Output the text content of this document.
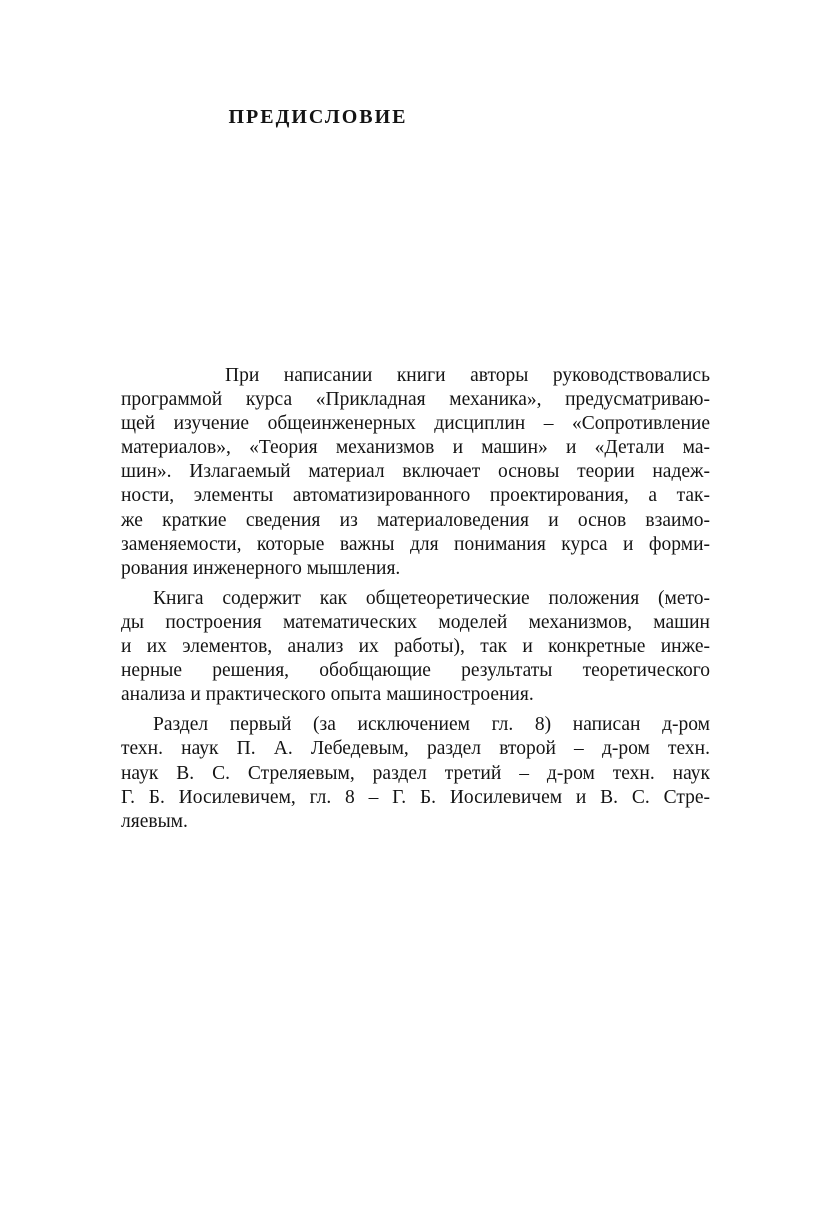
ПРЕДИСЛОВИЕ
При написании книги авторы руководствовались
программой курса «Прикладная механика», предусматриваю-
щей изучение общеинженерных дисциплин – «Сопротивление
материалов», «Теория механизмов и машин» и «Детали ма-
шин». Излагаемый материал включает основы теории надеж-
ности, элементы автоматизированного проектирования, а так-
же краткие сведения из материаловедения и основ взаимо-
заменяемости, которые важны для понимания курса и форми-
рования инженерного мышления.
Книга содержит как общетеоретические положения (мето-
ды построения математических моделей механизмов, машин
и их элементов, анализ их работы), так и конкретные инже-
нерные решения, обобщающие результаты теоретического
анализа и практического опыта машиностроения.
Раздел первый (за исключением гл. 8) написан д-ром
техн. наук П. А. Лебедевым, раздел второй – д-ром техн.
наук В. С. Стреляевым, раздел третий – д-ром техн. наук
Г. Б. Иосилевичем, гл. 8 – Г. Б. Иосилевичем и В. С. Стре-
ляевым.
